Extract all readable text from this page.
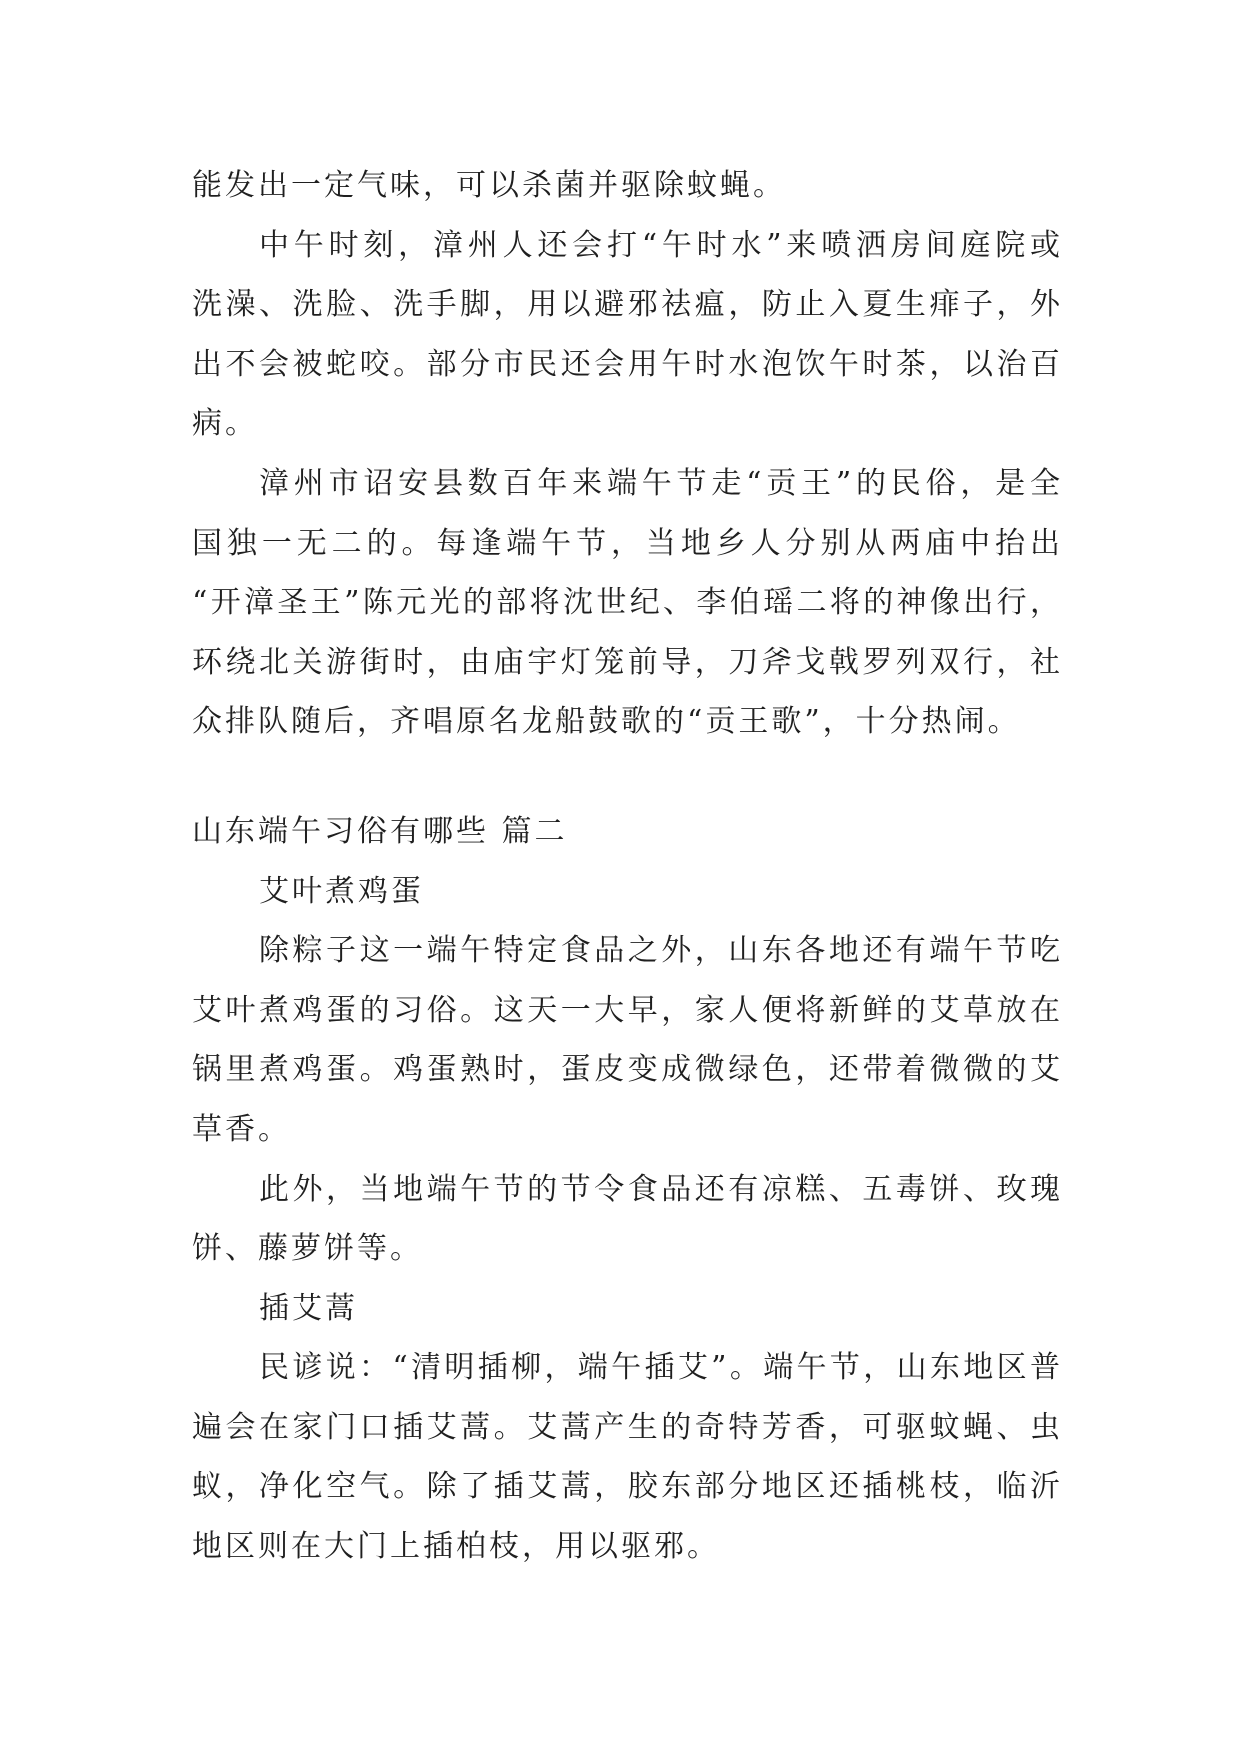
能发出一定气味，可以杀菌并驱除蚊蝇。
中午时刻，漳州人还会打“午时水”来喷洒房间庭院或
洗澡、洗脸、洗手脚，用以避邪祛瘟，防止入夏生痱子，外
出不会被蛇咬。部分市民还会用午时水泡饮午时茶，以治百
病。
漳州市诏安县数百年来端午节走“贡王”的民俗，是全
国独一无二的。每逢端午节，当地乡人分别从两庙中抬出
“开漳圣王”陈元光的部将沈世纪、李伯瑶二将的神像出行，
环绕北关游街时，由庙宇灯笼前导，刀斧戈戟罗列双行，社
众排队随后，齐唱原名龙船鼓歌的“贡王歌”，十分热闹。
山东端午习俗有哪些 篇二
艾叶煮鸡蛋
除粽子这一端午特定食品之外，山东各地还有端午节吃
艾叶煮鸡蛋的习俗。这天一大早，家人便将新鲜的艾草放在
锅里煮鸡蛋。鸡蛋熟时，蛋皮变成微绿色，还带着微微的艾
草香。
此外，当地端午节的节令食品还有凉糕、五毒饼、玫瑰
饼、藤萝饼等。
插艾蒿
民谚说：“清明插柳，端午插艾”。端午节，山东地区普
遍会在家门口插艾蒿。艾蒿产生的奇特芳香，可驱蚊蝇、虫
蚁，净化空气。除了插艾蒿，胶东部分地区还插桃枝，临沂
地区则在大门上插柏枝，用以驱邪。
